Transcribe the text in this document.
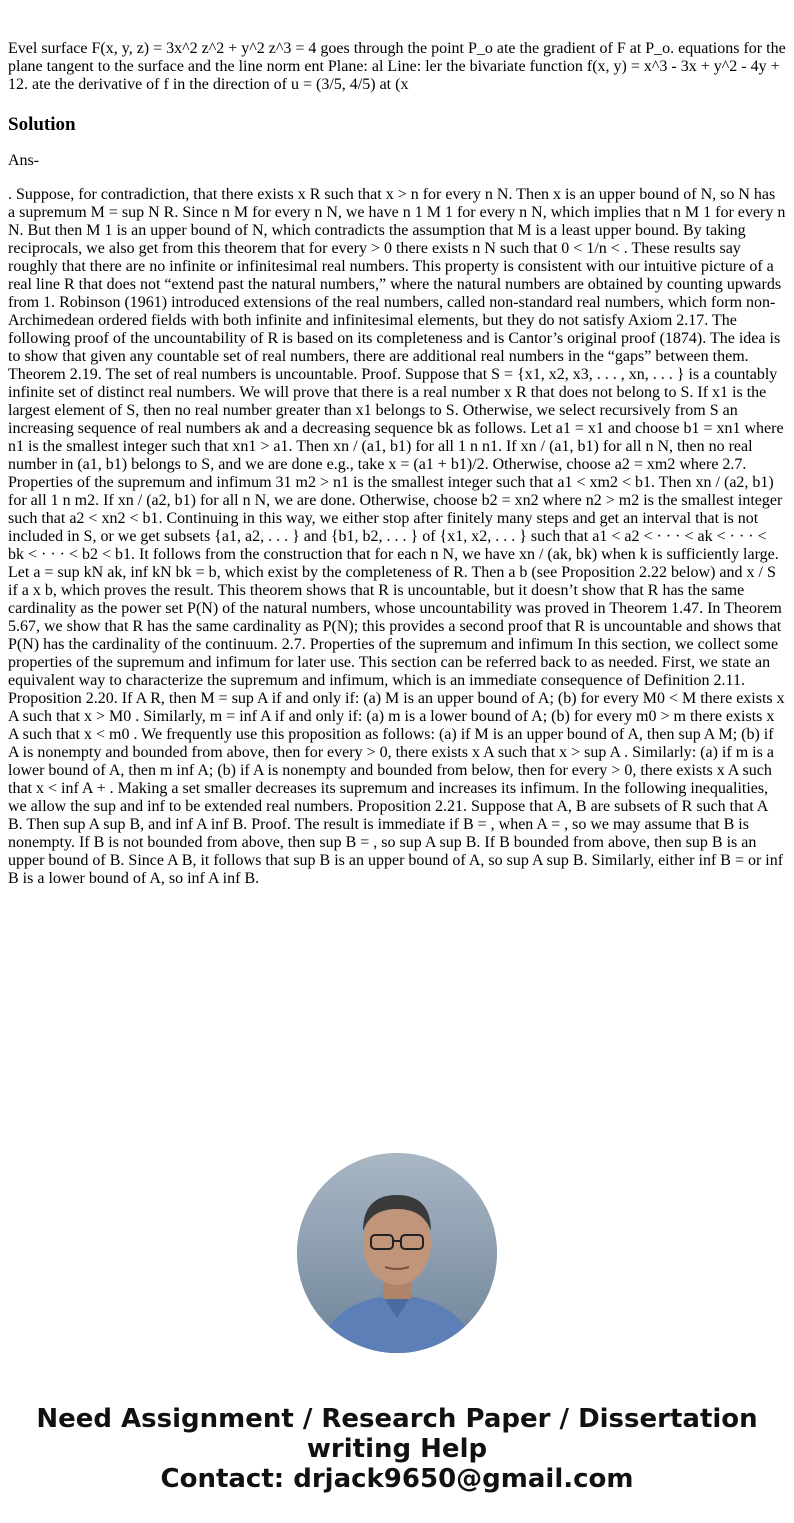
Evel surface F(x, y, z) = 3x^2 z^2 + y^2 z^3 = 4 goes through the point P_o ate the gradient of F at P_o. equations for the plane tangent to the surface and the line norm ent Plane: al Line: ler the bivariate function f(x, y) = x^3 - 3x + y^2 - 4y + 12. ate the derivative of f in the direction of u = (3/5, 4/5) at (x

Solution

Ans-

. Suppose, for contradiction, that there exists x R such that x > n for every n N. Then x is an upper bound of N, so N has a supremum M = sup N R. Since n M for every n N, we have n 1 M 1 for every n N, which implies that n M 1 for every n N. But then M 1 is an upper bound of N, which contradicts the assumption that M is a least upper bound. By taking reciprocals, we also get from this theorem that for every > 0 there exists n N such that 0 < 1/n < . These results say roughly that there are no infinite or infinitesimal real numbers. This property is consistent with our intuitive picture of a real line R that does not “extend past the natural numbers,” where the natural numbers are obtained by counting upwards from 1. Robinson (1961) introduced extensions of the real numbers, called non-standard real numbers, which form non-Archimedean ordered fields with both infinite and infinitesimal elements, but they do not satisfy Axiom 2.17. The following proof of the uncountability of R is based on its completeness and is Cantor’s original proof (1874). The idea is to show that given any countable set of real numbers, there are additional real numbers in the “gaps” between them. Theorem 2.19. The set of real numbers is uncountable. Proof. Suppose that S = {x1, x2, x3, . . . , xn, . . . } is a countably infinite set of distinct real numbers. We will prove that there is a real number x R that does not belong to S. If x1 is the largest element of S, then no real number greater than x1 belongs to S. Otherwise, we select recursively from S an increasing sequence of real numbers ak and a decreasing sequence bk as follows. Let a1 = x1 and choose b1 = xn1 where n1 is the smallest integer such that xn1 > a1. Then xn / (a1, b1) for all 1 n n1. If xn / (a1, b1) for all n N, then no real number in (a1, b1) belongs to S, and we are done e.g., take x = (a1 + b1)/2. Otherwise, choose a2 = xm2 where 2.7. Properties of the supremum and infimum 31 m2 > n1 is the smallest integer such that a1 < xm2 < b1. Then xn / (a2, b1) for all 1 n m2. If xn / (a2, b1) for all n N, we are done. Otherwise, choose b2 = xn2 where n2 > m2 is the smallest integer such that a2 < xn2 < b1. Continuing in this way, we either stop after finitely many steps and get an interval that is not included in S, or we get subsets {a1, a2, . . . } and {b1, b2, . . . } of {x1, x2, . . . } such that a1 < a2 < · · · < ak < · · · < bk < · · · < b2 < b1. It follows from the construction that for each n N, we have xn / (ak, bk) when k is sufficiently large. Let a = sup kN ak, inf kN bk = b, which exist by the completeness of R. Then a b (see Proposition 2.22 below) and x / S if a x b, which proves the result. This theorem shows that R is uncountable, but it doesn’t show that R has the same cardinality as the power set P(N) of the natural numbers, whose uncountability was proved in Theorem 1.47. In Theorem 5.67, we show that R has the same cardinality as P(N); this provides a second proof that R is uncountable and shows that P(N) has the cardinality of the continuum. 2.7. Properties of the supremum and infimum In this section, we collect some properties of the supremum and infimum for later use. This section can be referred back to as needed. First, we state an equivalent way to characterize the supremum and infimum, which is an immediate consequence of Definition 2.11. Proposition 2.20. If A R, then M = sup A if and only if: (a) M is an upper bound of A; (b) for every M0 < M there exists x A such that x > M0 . Similarly, m = inf A if and only if: (a) m is a lower bound of A; (b) for every m0 > m there exists x A such that x < m0 . We frequently use this proposition as follows: (a) if M is an upper bound of A, then sup A M; (b) if A is nonempty and bounded from above, then for every > 0, there exists x A such that x > sup A . Similarly: (a) if m is a lower bound of A, then m inf A; (b) if A is nonempty and bounded from below, then for every > 0, there exists x A such that x < inf A + . Making a set smaller decreases its supremum and increases its infimum. In the following inequalities, we allow the sup and inf to be extended real numbers. Proposition 2.21. Suppose that A, B are subsets of R such that A B. Then sup A sup B, and inf A inf B. Proof. The result is immediate if B = , when A = , so we may assume that B is nonempty. If B is not bounded from above, then sup B = , so sup A sup B. If B bounded from above, then sup B is an upper bound of B. Since A B, it follows that sup B is an upper bound of A, so sup A sup B. Similarly, either inf B = or inf B is a lower bound of A, so inf A inf B.

Need Assignment / Research Paper / Dissertation
writing Help
Contact: drjack9650@gmail.com
